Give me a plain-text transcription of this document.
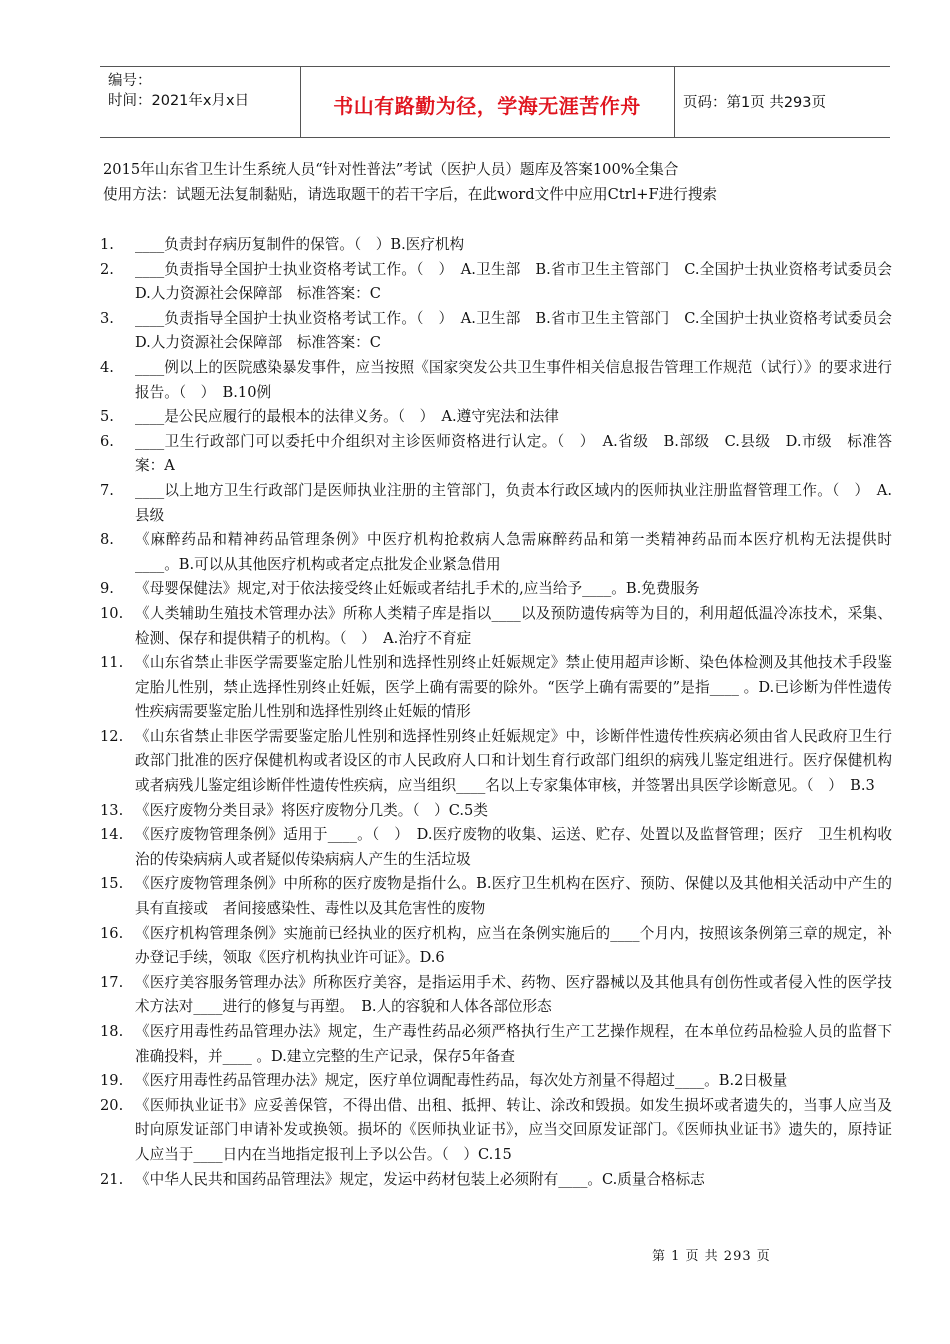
编号：
时间：2021年x月x日	书山有路勤为径，学海无涯苦作舟	页码：第1页 共293页
2015年山东省卫生计生系统人员“针对性普法”考试（医护人员）题库及答案100%全集合
使用方法：试题无法复制黏贴，请选取题干的若干字后，在此word文件中应用Ctrl+F进行搜索
1.	____负责封存病历复制件的保管。（　）B.医疗机构
2.	____负责指导全国护士执业资格考试工作。（　）　A.卫生部　B.省市卫生主管部门　C.全国护士执业资格考试委员会　D.人力资源社会保障部　标准答案：C
3.	____负责指导全国护士执业资格考试工作。（　）　A.卫生部　B.省市卫生主管部门　C.全国护士执业资格考试委员会　D.人力资源社会保障部　标准答案：C
4.	____例以上的医院感染暴发事件，应当按照《国家突发公共卫生事件相关信息报告管理工作规范（试行）》的要求进行报告。（　）　B.10例
5.	____是公民应履行的最根本的法律义务。（　）　A.遵守宪法和法律
6.	____卫生行政部门可以委托中介组织对主诊医师资格进行认定。（　）　A.省级　B.部级　C.县级　D.市级　标准答案：A
7.	____以上地方卫生行政部门是医师执业注册的主管部门，负责本行政区域内的医师执业注册监督管理工作。（　）　A.县级
8.	《麻醉药品和精神药品管理条例》中医疗机构抢救病人急需麻醉药品和第一类精神药品而本医疗机构无法提供时____。B.可以从其他医疗机构或者定点批发企业紧急借用
9.	《母婴保健法》规定,对于依法接受终止妊娠或者结扎手术的,应当给予____。B.免费服务
10. 《人类辅助生殖技术管理办法》所称人类精子库是指以____以及预防遗传病等为目的，利用超低温冷冻技术，采集、检测、保存和提供精子的机构。（　）　A.治疗不育症
11. 《山东省禁止非医学需要鉴定胎儿性别和选择性别终止妊娠规定》禁止使用超声诊断、染色体检测及其他技术手段鉴定胎儿性别，禁止选择性别终止妊娠，医学上确有需要的除外。“医学上确有需要的”是指____ 。D.已诊断为伴性遗传性疾病需要鉴定胎儿性别和选择性别终止妊娠的情形
12. 《山东省禁止非医学需要鉴定胎儿性别和选择性别终止妊娠规定》中，诊断伴性遗传性疾病必须由省人民政府卫生行政部门批准的医疗保健机构或者设区的市人民政府人口和计划生育行政部门组织的病残儿鉴定组进行。医疗保健机构或者病残儿鉴定组诊断伴性遗传性疾病，应当组织____名以上专家集体审核，并签署出具医学诊断意见。（　）　B.3
13. 《医疗废物分类目录》将医疗废物分几类。（　）C.5类
14. 《医疗废物管理条例》适用于____。（　）　D.医疗废物的收集、运送、贮存、处置以及监督管理；医疗　卫生机构收治的传染病病人或者疑似传染病病人产生的生活垃圾
15. 《医疗废物管理条例》中所称的医疗废物是指什么。B.医疗卫生机构在医疗、预防、保健以及其他相关活动中产生的具有直接或　者间接感染性、毒性以及其危害性的废物
16. 《医疗机构管理条例》实施前已经执业的医疗机构，应当在条例实施后的____个月内，按照该条例第三章的规定，补办登记手续，领取《医疗机构执业许可证》。D.6
17. 《医疗美容服务管理办法》所称医疗美容，是指运用手术、药物、医疗器械以及其他具有创伤性或者侵入性的医学技术方法对____进行的修复与再塑。　B.人的容貌和人体各部位形态
18. 《医疗用毒性药品管理办法》规定，生产毒性药品必须严格执行生产工艺操作规程，在本单位药品检验人员的监督下准确投料，并____ 。D.建立完整的生产记录，保存5年备查
19. 《医疗用毒性药品管理办法》规定，医疗单位调配毒性药品，每次处方剂量不得超过____。B.2日极量
20. 《医师执业证书》应妥善保管，不得出借、出租、抵押、转让、涂改和毁损。如发生损坏或者遗失的，当事人应当及时向原发证部门申请补发或换领。损坏的《医师执业证书》，应当交回原发证部门。《医师执业证书》遗失的，原持证人应当于____日内在当地指定报刊上予以公告。（　）C.15
21. 《中华人民共和国药品管理法》规定，发运中药材包装上必须附有____。C.质量合格标志
第 1 页 共 293 页
